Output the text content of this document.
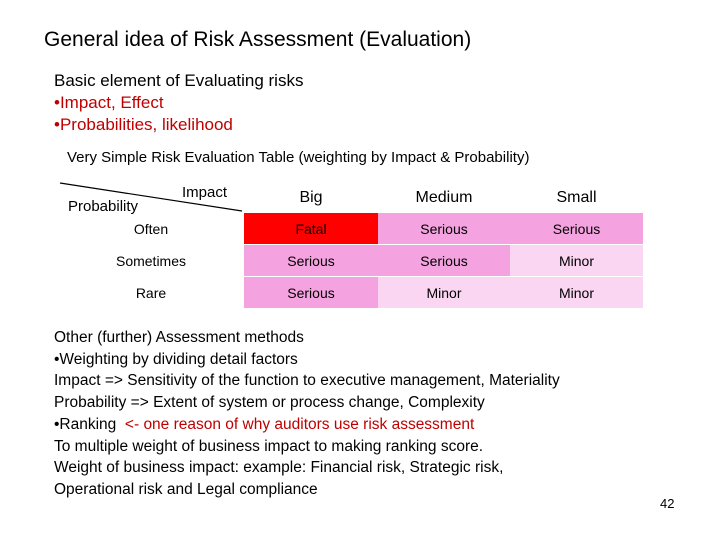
General idea of Risk Assessment (Evaluation)
Basic element of Evaluating risks
•Impact, Effect
•Probabilities, likelihood
Very Simple Risk Evaluation Table (weighting by Impact & Probability)
Impact
Probability	Big	Medium	Small
Often	Fatal	Serious	Serious
Sometimes	Serious	Serious	Minor
Rare	Serious	Minor	Minor
Other (further) Assessment methods
•Weighting by dividing detail factors
Impact => Sensitivity of the function to executive management, Materiality
Probability => Extent of system or process change, Complexity
•Ranking  <- one reason of why auditors use risk assessment
To multiple weight of business impact to making ranking score.
Weight of business impact: example: Financial risk, Strategic risk,
Operational risk and Legal compliance
42
